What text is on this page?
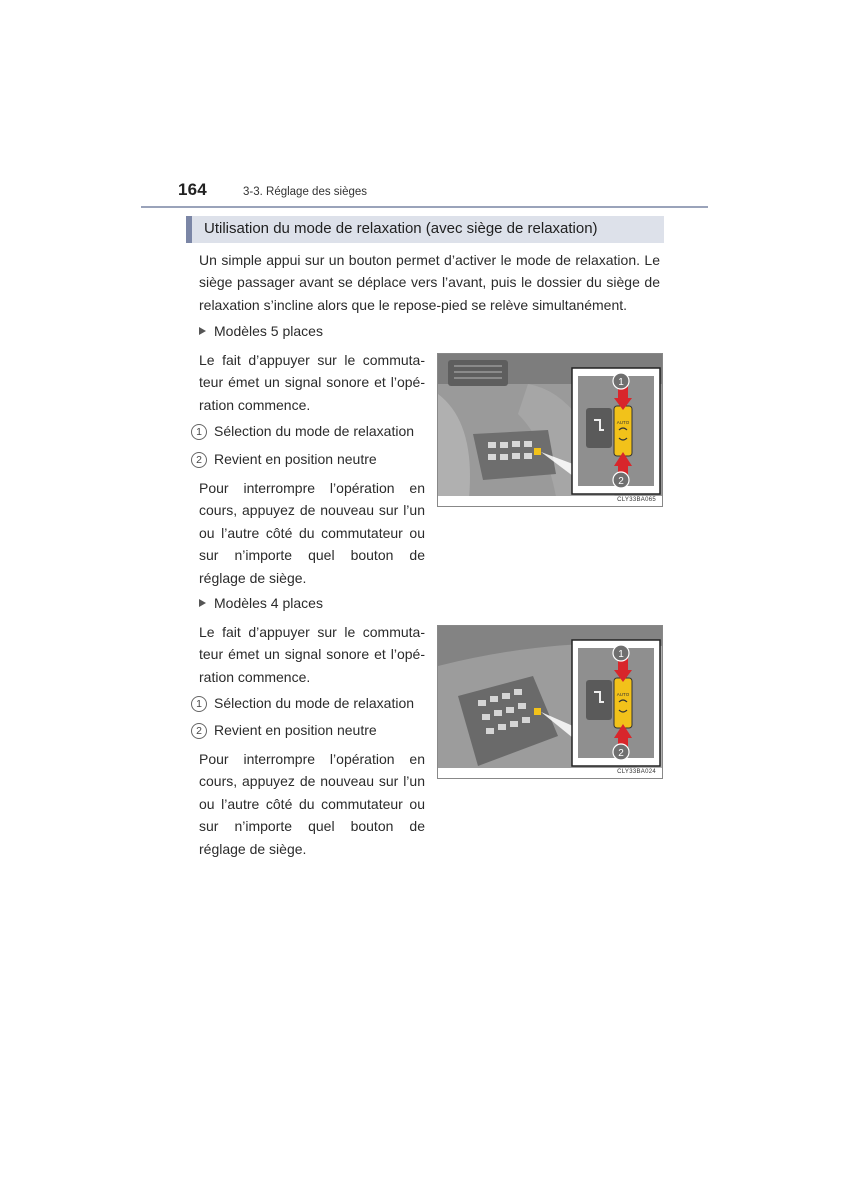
164	3-3. Réglage des sièges
Utilisation du mode de relaxation (avec siège de relaxation)
Un simple appui sur un bouton permet d’activer le mode de relaxation. Le
siège passager avant se déplace vers l’avant, puis le dossier du siège de
relaxation s’incline alors que le repose-pied se relève simultanément.
Modèles 5 places
Le fait d’appuyer sur le commuta-
teur émet un signal sonore et l’opé-
ration commence.
1 Sélection du mode de relaxation
2 Revient en position neutre
Pour interrompre l’opération en
cours, appuyez de nouveau sur l’un
ou l’autre côté du commutateur ou
sur n’importe quel bouton de
réglage de siège.
AUTO
1
2
CLY33BA065
Modèles 4 places
Le fait d’appuyer sur le commuta-
teur émet un signal sonore et l’opé-
ration commence.
1 Sélection du mode de relaxation
2 Revient en position neutre
Pour interrompre l’opération en
cours, appuyez de nouveau sur l’un
ou l’autre côté du commutateur ou
sur n’importe quel bouton de
réglage de siège.
AUTO
1
2
CLY33BA024
